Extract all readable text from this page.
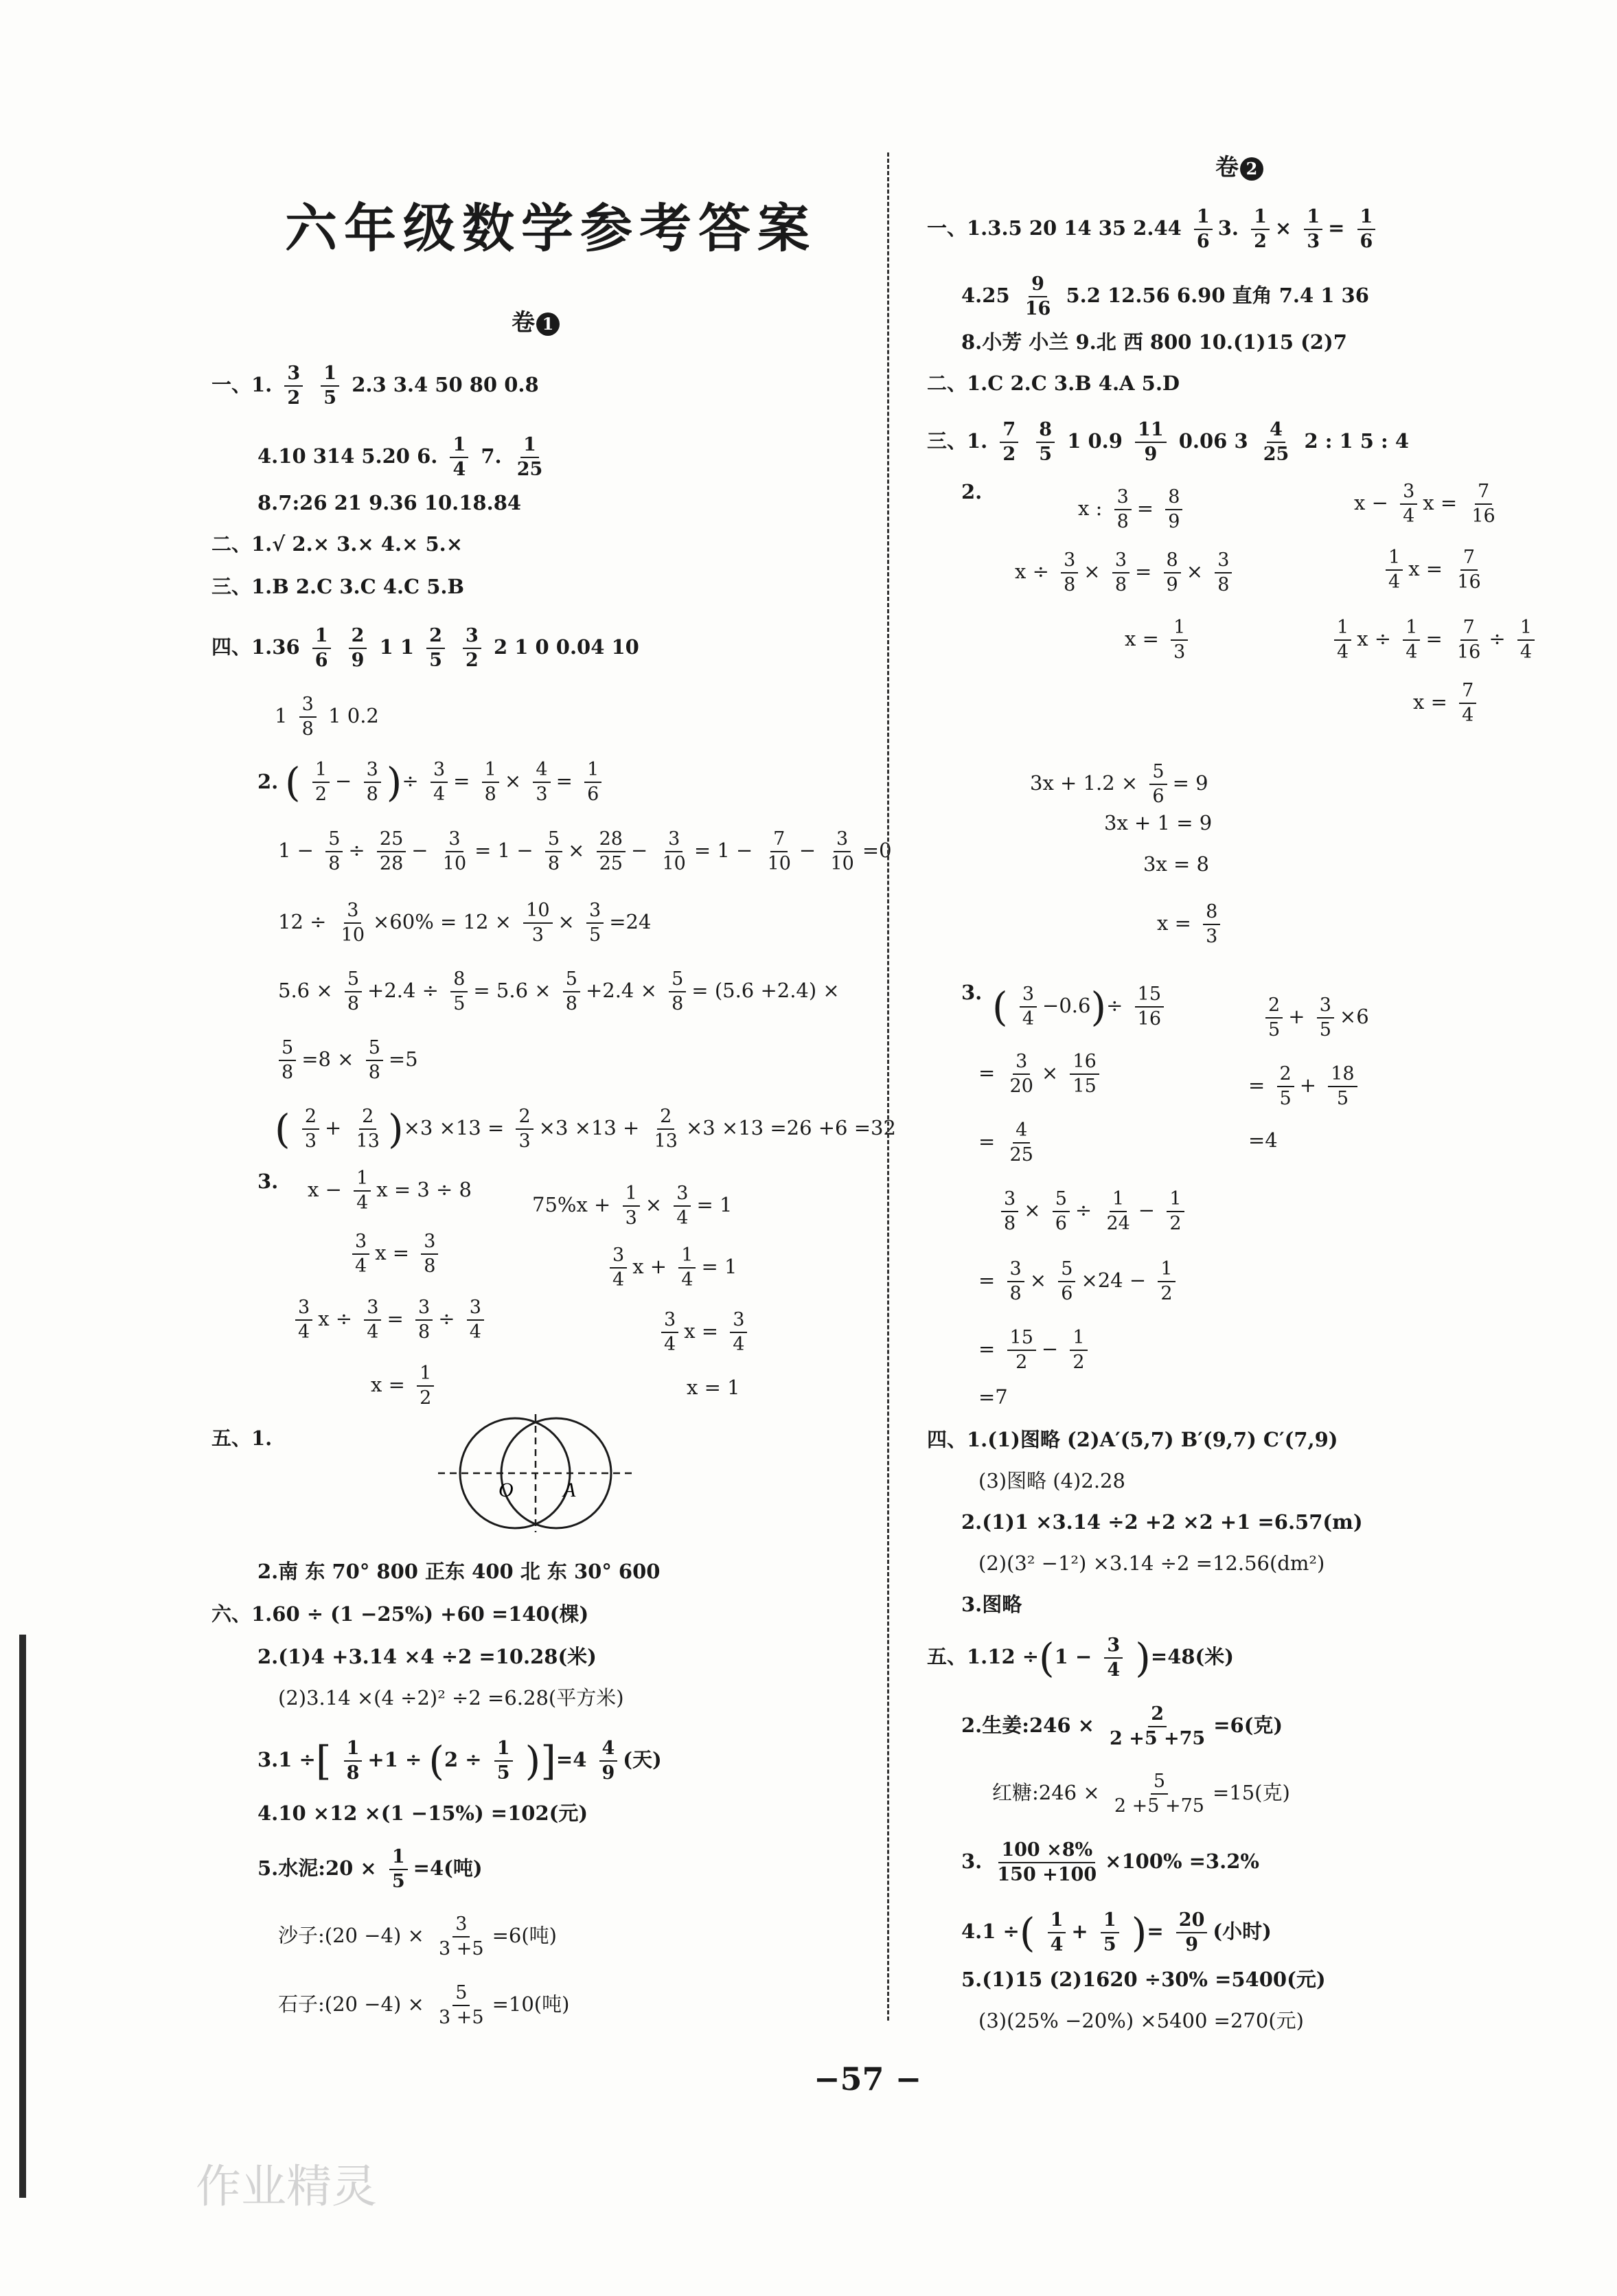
六年级数学参考答案
卷 1
一、1. $\frac{3}{2}$
$\frac{1}{5} 2.3$ 3.4 50 80 0.8
4.10 314 5.20 6. $\frac{1}{4} 7$. $\frac{1}{25}$
8.7:26 21 9.36 10.18.84
二、1.√ 2.× 3.× 4.× 5.×
三、1.B 2.C 3.C 4.C 5.B
四、$1.36 \frac{1}{6}$
$\frac{2}{9} 1$ $1 \frac{2}{5}$
$\frac{3}{2} 2$ 1 0 0.04 10
$1 \frac{3}{8} 1$ 0.2
2. ( $\frac{1}{2} - \frac{3}{8}$ )÷ $\frac{3}{4} = \frac{1}{8} \times \frac{4}{3} = \frac{1}{6}$
$1 - \frac{5}{8} \div \frac{25}{28} - \frac{3}{10} = 1 - \frac{5}{8} \times \frac{28}{25} - \frac{3}{10} = 1 - \frac{7}{10} - \frac{3}{10} =0$
$12 \div \frac{3}{10} \times 60\% = 12 \times \frac{10}{3} \times \frac{3}{5} =24$
$5.6 \times \frac{5}{8} +2.4 \div \frac{8}{5} = 5.6 \times \frac{5}{8} +2.4 \times \frac{5}{8} = (5.6 +2.4)$ ×
$\frac{5}{8} =8 \times \frac{5}{8} =5$
( $\frac{2}{3} + \frac{2}{13} )\times 3 \times 13 = \frac{2}{3} \times 3 \times 13 + \frac{2}{13} \times 3 \times 13 =26 +6 =32$
3. $x - \frac{1}{4}$ x = 3 ÷ 8
$\frac{3}{4}$ $x = \frac{3}{8}$
$\frac{3}{4}$ $x \div \frac{3}{4} = \frac{3}{8} \div \frac{3}{4}$
$x = \frac{1}{2}$
$75\%x + \frac{1}{3} \times \frac{3}{4} = 1$
$\frac{3}{4}$ $x + \frac{1}{4} = 1$
$\frac{3}{4}$ $x = \frac{3}{4}$
x = 1
五、1.
O A
2.南 东 70° 800 正东 400 北 东 30° 600
六、1.60 ÷ (1 −25%) +60 =140(棵)
2.(1)4 +3.14 ×4 ÷2 =10.28(米)
(2)3.14 ×(4 ÷2)² ÷2 =6.28(平方米)
3.1 ÷[ $\frac{1}{8} +1 \div (2 \div \frac{1}{5} )]=4 \frac{4}{9}$ (天)
4.10 ×12 ×(1 −15%) =102(元)
5.水泥:20 × $\frac{1}{5} =4$(吨)
沙子:(20 $-4) \times \frac{3}{3 +5} =6$(吨)
石子:(20 $-4) \times \frac{5}{3 +5} =10$(吨)
卷 2
一、1.3.5 20 14 35 $2.44 \frac{1}{6} 3$. $\frac{1}{2} \times \frac{1}{3} = \frac{1}{6}$
$4.25 \frac{9}{16} 5.2$ 12.56 6.90 直角 7.4 1 36
8.小芳 小兰 9.北 西 800 10.(1)15 (2)7
二、1.C 2.C 3.B 4.A 5.D
三、1. $\frac{7}{2}$
$\frac{8}{5} 1$ $0.9 \frac{11}{9} 0.06$ $3 \frac{4}{25} 2$ : 1 5 : 4
2.
x : $\frac{3}{8} = \frac{8}{9}$
$x \div \frac{3}{8} \times \frac{3}{8} = \frac{8}{9} \times \frac{3}{8}$
$x = \frac{1}{3}$
$x - \frac{3}{4}$ $x = \frac{7}{16}$
$\frac{1}{4}$ $x = \frac{7}{16}$
$\frac{1}{4}$ $x \div \frac{1}{4} = \frac{7}{16} \div \frac{1}{4}$
$x = \frac{7}{4}$
$3x + 1.2 \times \frac{5}{6} = 9$
3x + 1 = 9
3x = 8
$x = \frac{8}{3}$
3. ( $\frac{3}{4} -0.6)\div \frac{15}{16}$
= $\frac{3}{20} \times \frac{16}{15}$
= $\frac{4}{25}$
$\frac{2}{5} + \frac{3}{5} \times 6$
= $\frac{2}{5} + \frac{18}{5}$
=4
$\frac{3}{8} \times \frac{5}{6} \div \frac{1}{24} - \frac{1}{2}$
= $\frac{3}{8} \times \frac{5}{6} \times 24 - \frac{1}{2}$
= $\frac{15}{2} - \frac{1}{2}$
=7
四、1.(1)图略 (2)A′(5,7) B′(9,7) C′(7,9)
(3)图略 (4)2.28
2.(1)1 ×3.14 ÷2 +2 ×2 +1 =6.57(m)
(2)(3² −1²) ×3.14 ÷2 =12.56(dm²)
3.图略
五、$1.12 \div(1 - \frac{3}{4} )=48$(米)
2.生姜:246 × $\frac{2}{2 +5 +75} =6$(克)
红糖:246 × $\frac{5}{2 +5 +75} =15$(克)
3. $\frac{100 \times 8\%}{150 +100} \times 100\% =3.2\%$
4.1 ÷( $\frac{1}{4} + \frac{1}{5}$ )= $\frac{20}{9}$ (小时)
5.(1)15 (2)1620 ÷30% =5400(元)
(3)(25% −20%) ×5400 =270(元)
−57 −
作业精灵
